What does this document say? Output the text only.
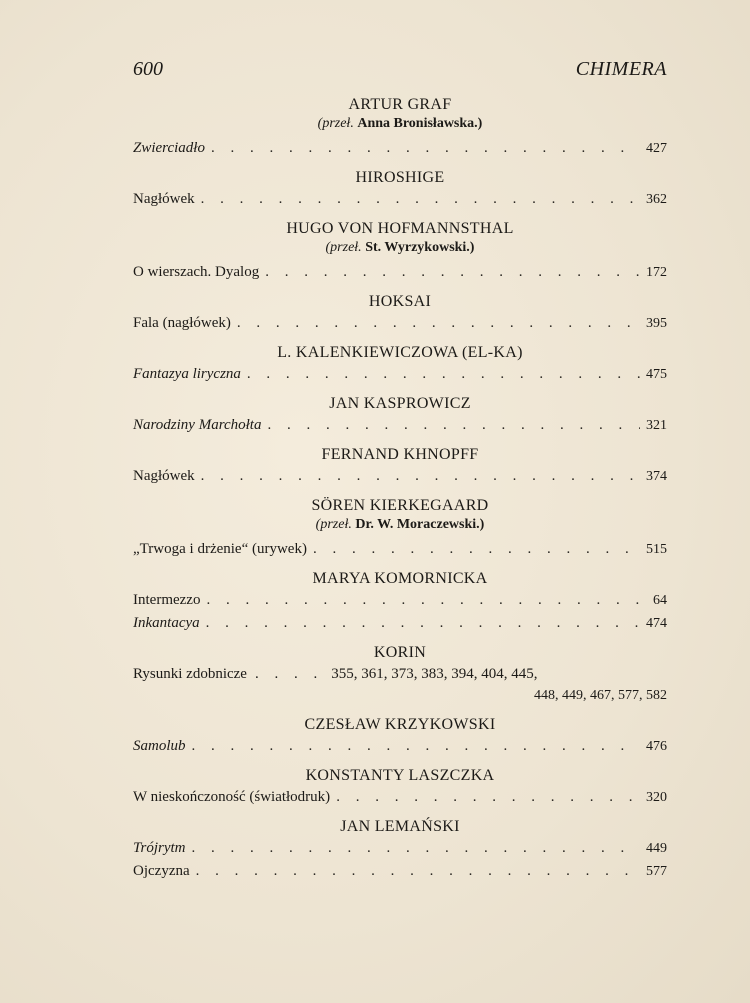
600	CHIMERA
ARTUR GRAF
(przeł. Anna Bronisławska.)
Zwierciadło . . .	427
HIROSHIGE
Nagłówek . . .	362
HUGO VON HOFMANNSTHAL
(przeł. St. Wyrzykowski.)
O wierszach. Dyalog . . .	172
HOKSAI
Fala (nagłówek) . . .	395
L. KALENKIEWICZOWA (EL-KA)
Fantazya liryczna . . .	475
JAN KASPROWICZ
Narodziny Marchołta . . .	321
FERNAND KHNOPFF
Nagłówek . . .	374
SÖREN KIERKEGAARD
(przeł. Dr. W. Moraczewski.)
„Trwoga i drżenie“ (urywek) . . .	515
MARYA KOMORNICKA
Intermezzo . . .	64
Inkantacya . . .	474
KORIN
Rysunki zdobnicze . . . . 355, 361, 373, 383, 394, 404, 445,
448, 449, 467, 577, 582
CZESŁAW KRZYKOWSKI
Samolub . . .	476
KONSTANTY LASZCZKA
W nieskończoność (światłodruk) . . .	320
JAN LEMAŃSKI
Trójrytm . . .	449
Ojczyzna . . .	577
